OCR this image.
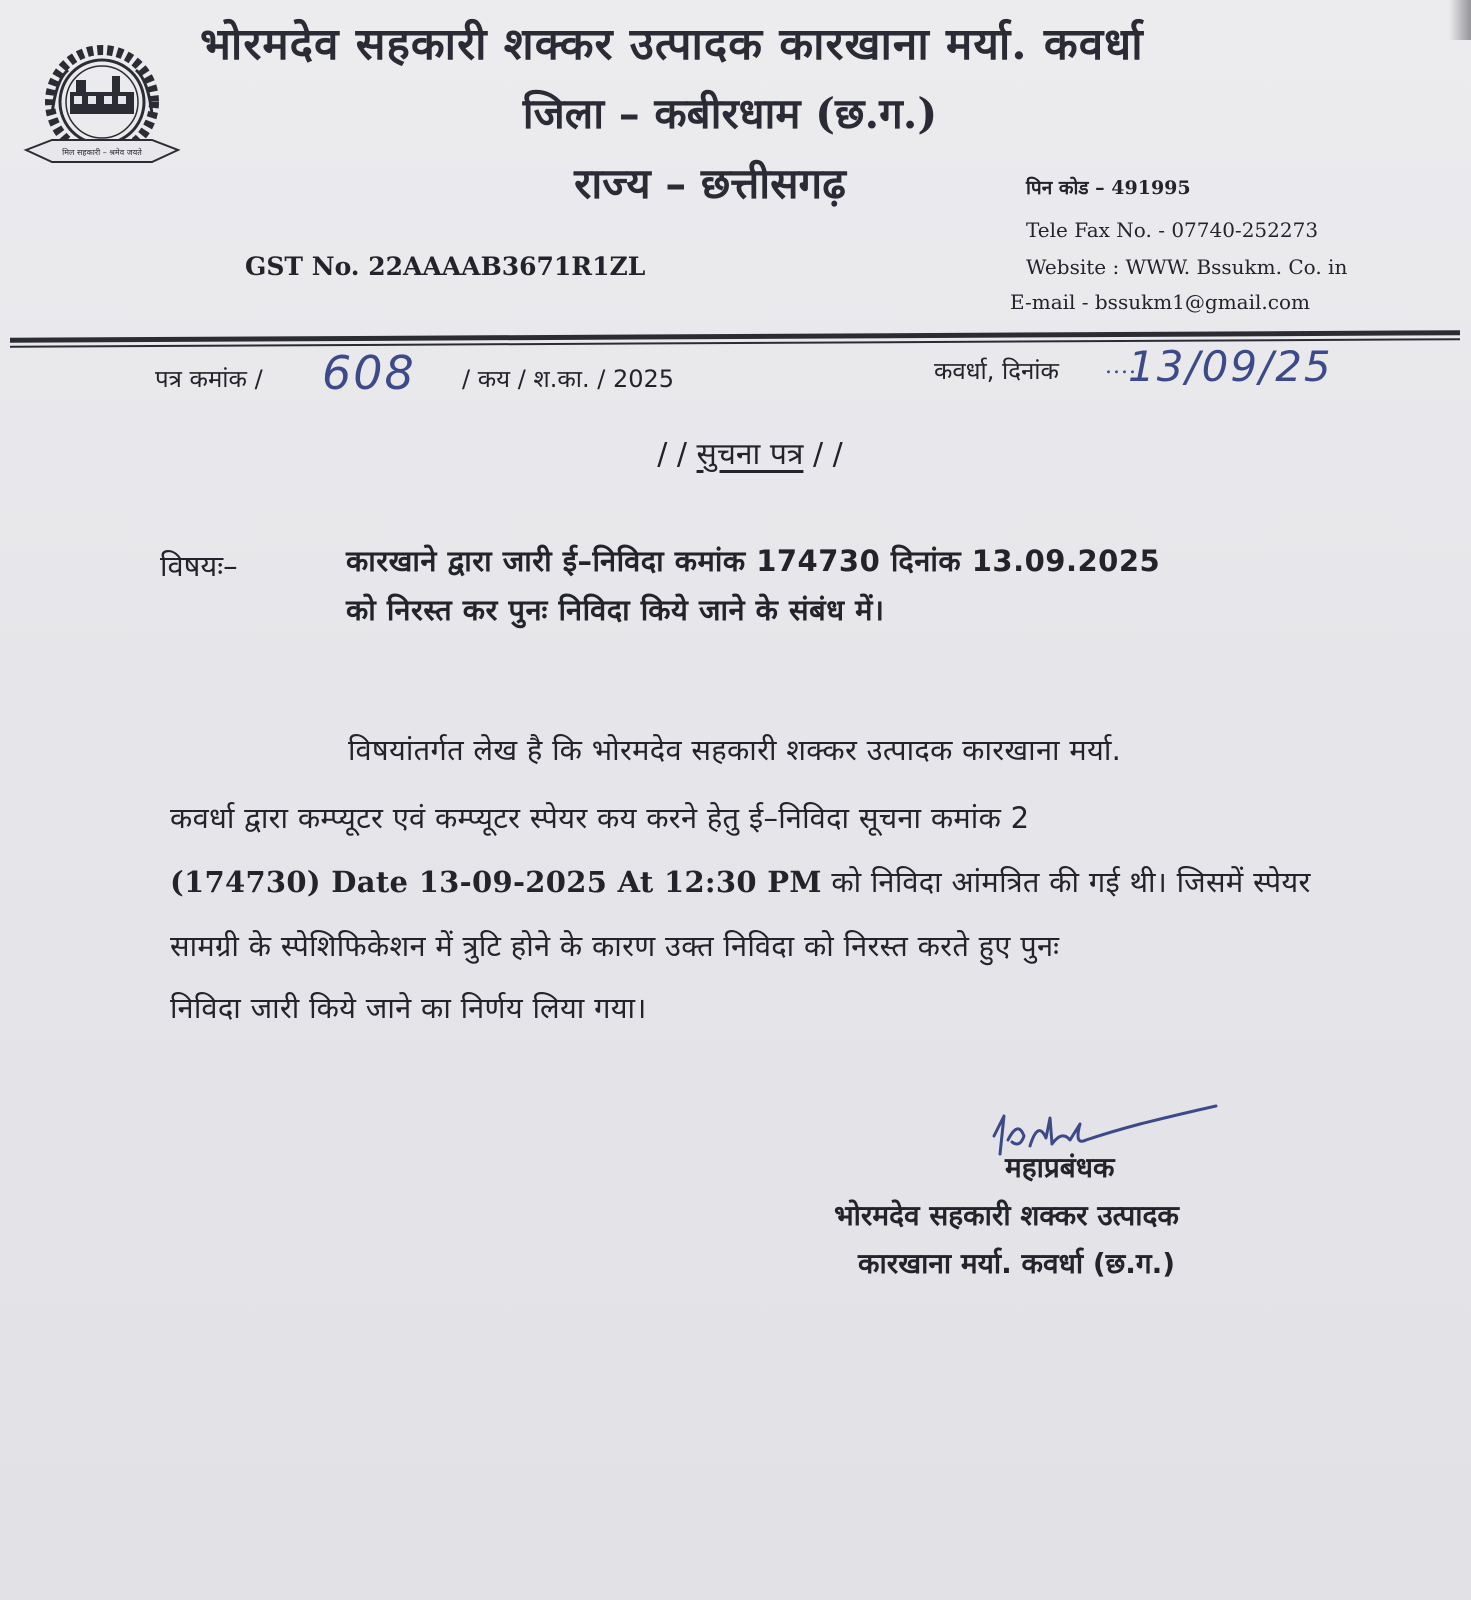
मिल सहकारी – श्रमेव जयते
भोरमदेव सहकारी शक्कर उत्पादक कारखाना मर्या. कवर्धा
जिला – कबीरधाम (छ.ग.)
राज्य – छत्तीसगढ़	पिन कोड – 491995
Tele Fax No. - 07740-252273
Website : WWW. Bssukm. Co. in
E-mail - bssukm1@gmail.com
GST No. 22AAAAB3671R1ZL
पत्र कमांक / 608 / कय / श.का. / 2025	कवर्धा, दिनांक ....
13/09/25
/ / सुचना पत्र / /
विषयः–	कारखाने द्वारा जारी ई–निविदा कमांक 174730 दिनांक 13.09.2025
को निरस्त कर पुनः निविदा किये जाने के संबंध में।
विषयांतर्गत लेख है कि भोरमदेव सहकारी शक्कर उत्पादक कारखाना मर्या.
कवर्धा द्वारा कम्प्यूटर एवं कम्प्यूटर स्पेयर कय करने हेतु ई–निविदा सूचना कमांक 2
(174730) Date 13-09-2025 At 12:30 PM को निविदा आंमत्रित की गई थी। जिसमें स्पेयर
सामग्री के स्पेशिफिकेशन में त्रुटि होने के कारण उक्त निविदा को निरस्त करते हुए पुनः
निविदा जारी किये जाने का निर्णय लिया गया।
महाप्रबंधक
भोरमदेव सहकारी शक्कर उत्पादक
कारखाना मर्या. कवर्धा (छ.ग.)
